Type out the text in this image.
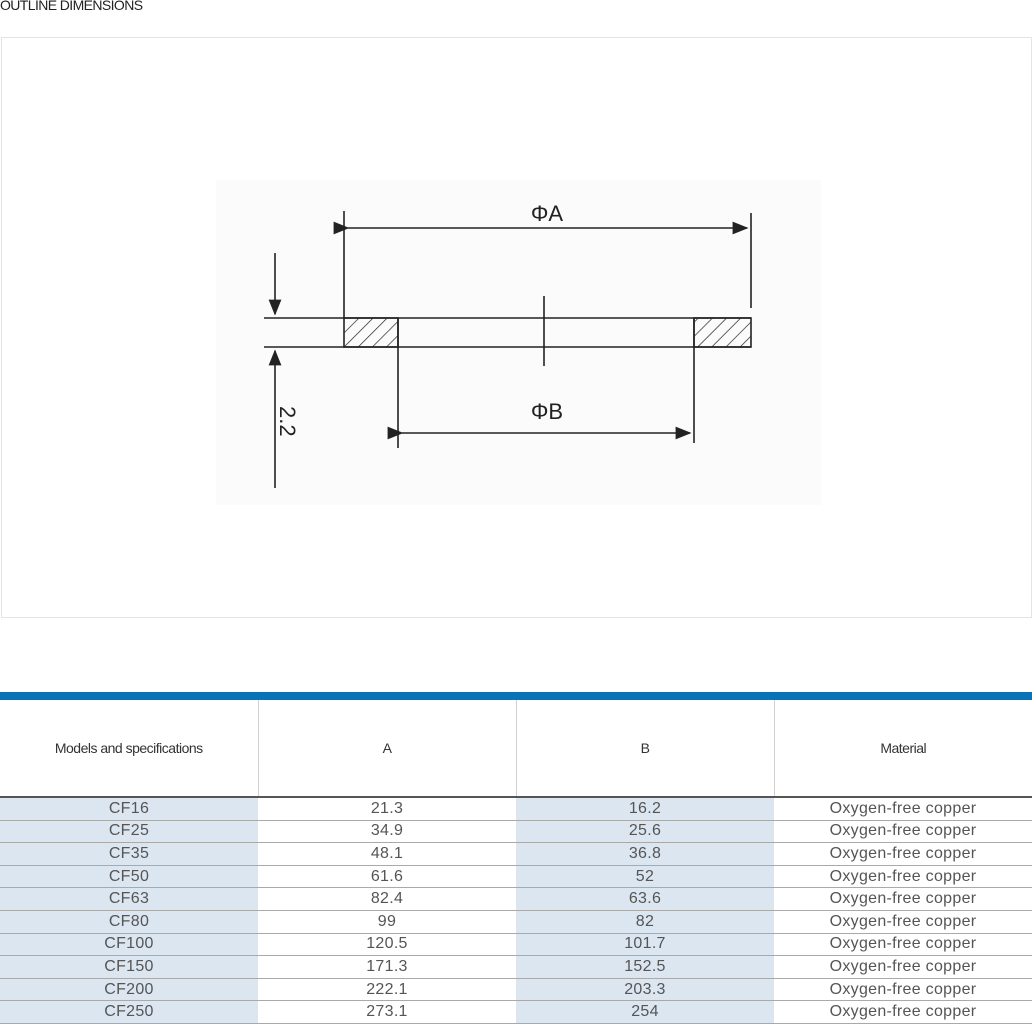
OUTLINE DIMENSIONS
ΦA
ΦB
2.2
Models and specifications	A	B	Material
CF16	21.3	16.2	Oxygen-free copper
CF25	34.9	25.6	Oxygen-free copper
CF35	48.1	36.8	Oxygen-free copper
CF50	61.6	52	Oxygen-free copper
CF63	82.4	63.6	Oxygen-free copper
CF80	99	82	Oxygen-free copper
CF100	120.5	101.7	Oxygen-free copper
CF150	171.3	152.5	Oxygen-free copper
CF200	222.1	203.3	Oxygen-free copper
CF250	273.1	254	Oxygen-free copper
